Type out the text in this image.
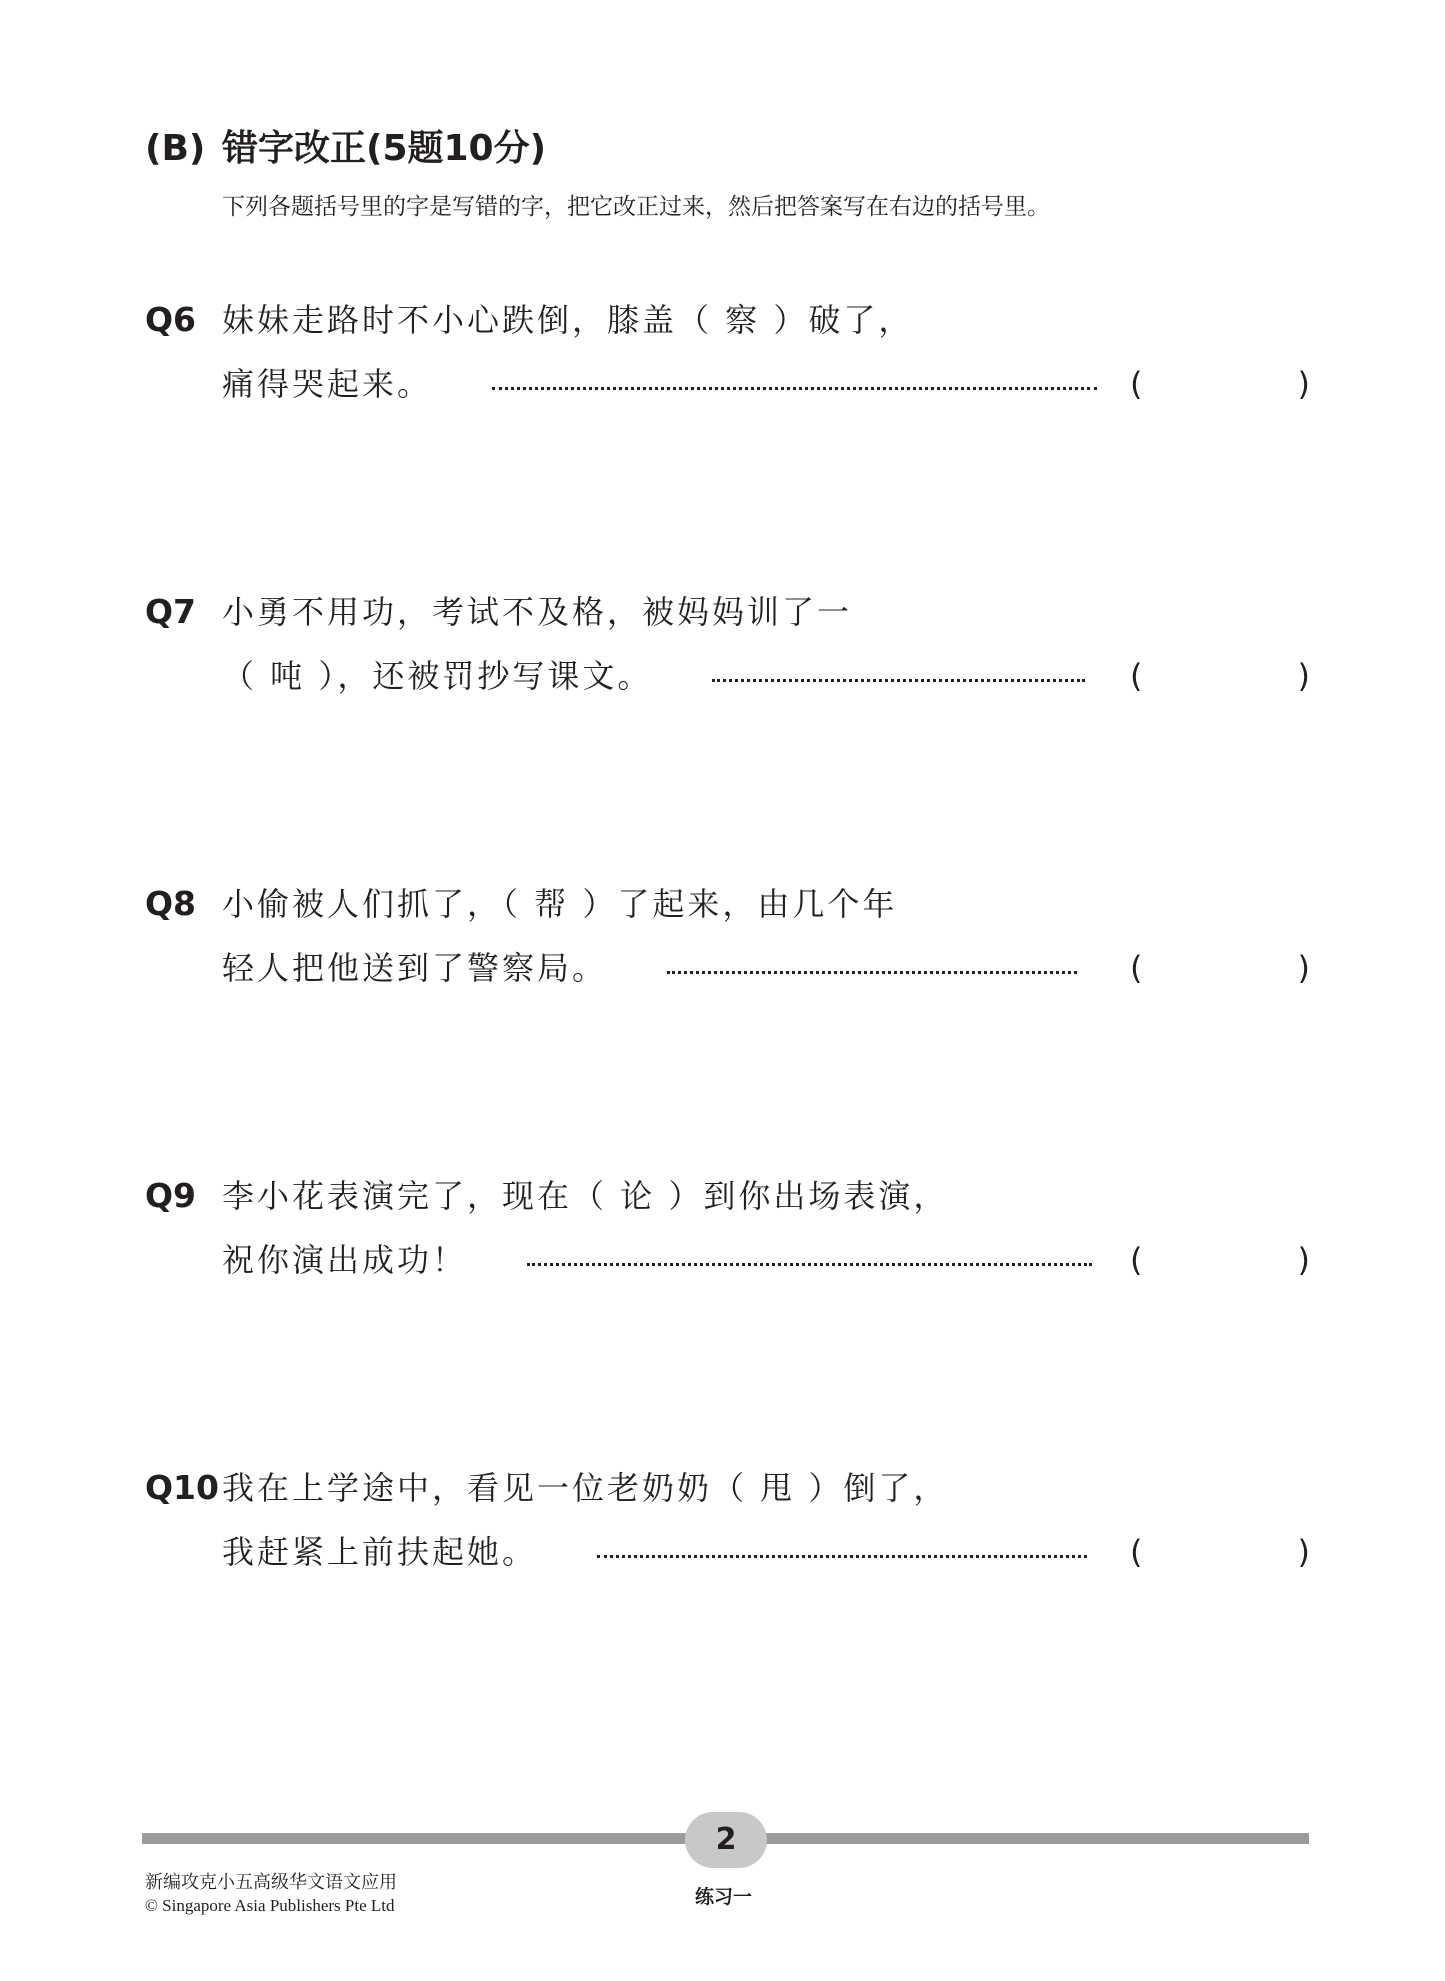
(B) 错字改正(5题10分)
下列各题括号里的字是写错的字，把它改正过来，然后把答案写在右边的括号里。
Q6 妹妹走路时不小心跌倒，膝盖（ 察 ）破了，
痛得哭起来。	(	)
Q7 小勇不用功，考试不及格，被妈妈训了一
（ 吨 ），还被罚抄写课文。	(	)
Q8 小偷被人们抓了，（ 帮 ）了起来，由几个年
轻人把他送到了警察局。	(	)
Q9 李小花表演完了，现在（ 论 ）到你出场表演，
祝你演出成功！	(	)
Q10 我在上学途中，看见一位老奶奶（ 甩 ）倒了，
我赶紧上前扶起她。	(	)
2
新编攻克小五高级华文语文应用
© Singapore Asia Publishers Pte Ltd	练习一
